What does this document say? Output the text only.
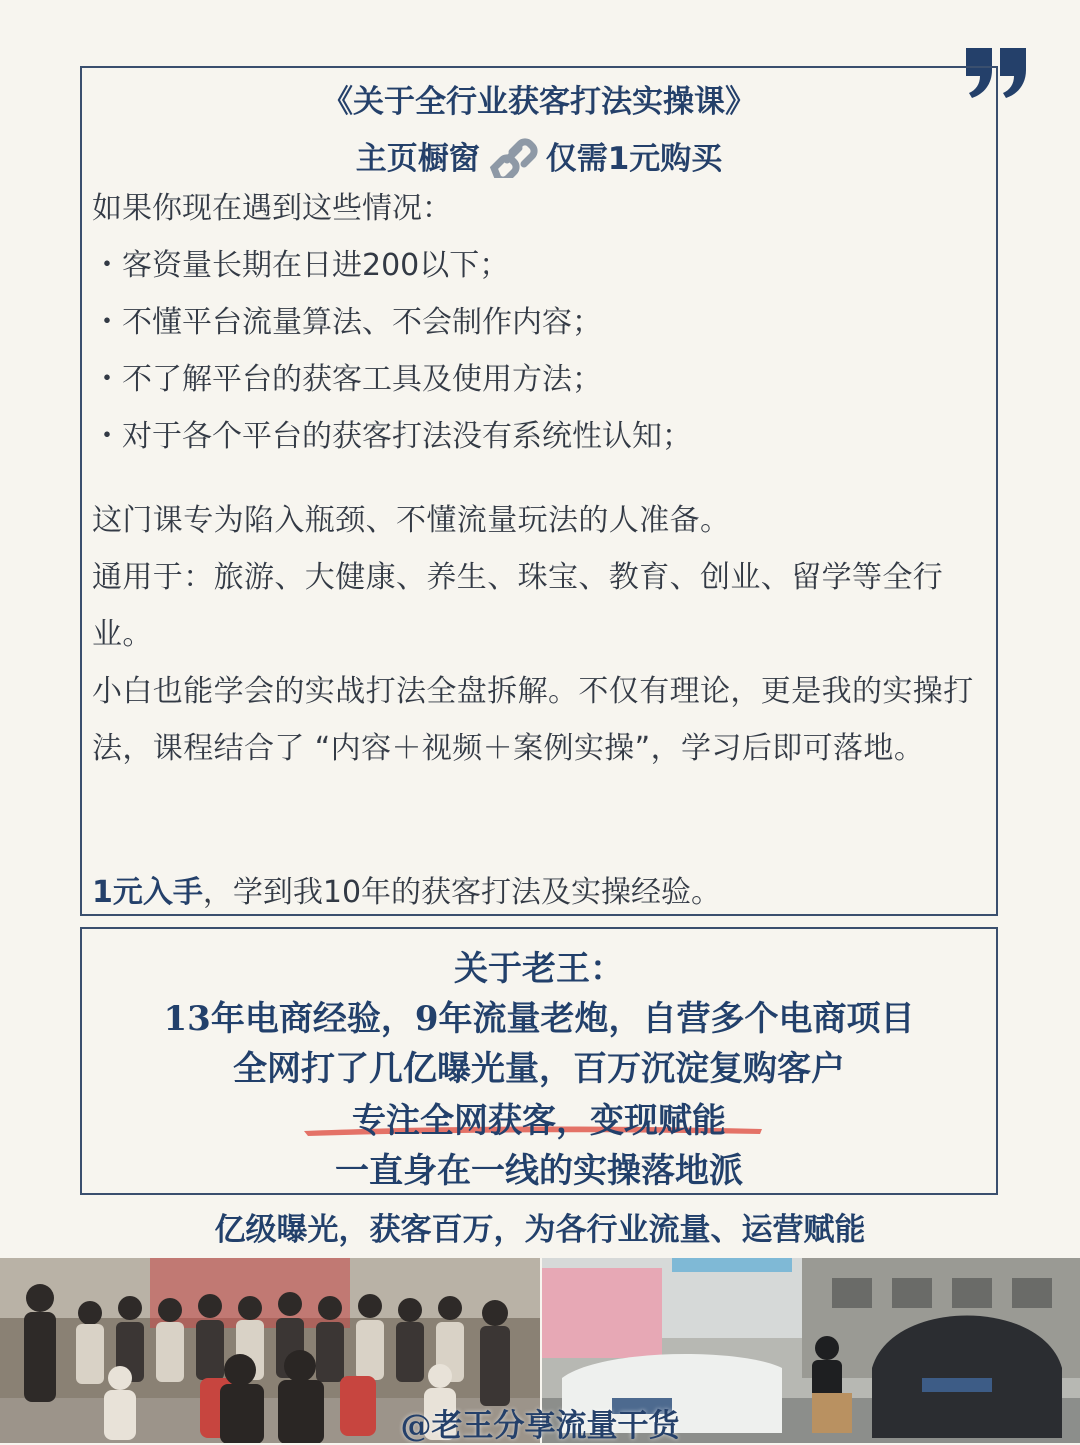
《关于全行业获客打法实操课》
主页橱窗 仅需1元购买

如果你现在遇到这些情况：

・ 客资量长期在日进200以下；

・ 不懂平台流量算法、不会制作内容；

・ 不了解平台的获客工具及使用方法；

・ 对于各个平台的获客打法没有系统性认知；

这门课专为陷入瓶颈、不懂流量玩法的人准备。

通用于：旅游、大健康、养生、珠宝、教育、创业、留学等全行业。

小白也能学会的实战打法全盘拆解。不仅有理论，更是我的实操打法，课程结合了 “内容＋视频＋案例实操”，学习后即可落地。

1元入手，学到我10年的获客打法及实操经验。

关于老王：
13年电商经验，9年流量老炮，自营多个电商项目
全网打了几亿曝光量，百万沉淀复购客户
专注全网获客，变现赋能
一直身在一线的实操落地派
亿级曝光，获客百万，为各行业流量、运营赋能
@老王分享流量干货
